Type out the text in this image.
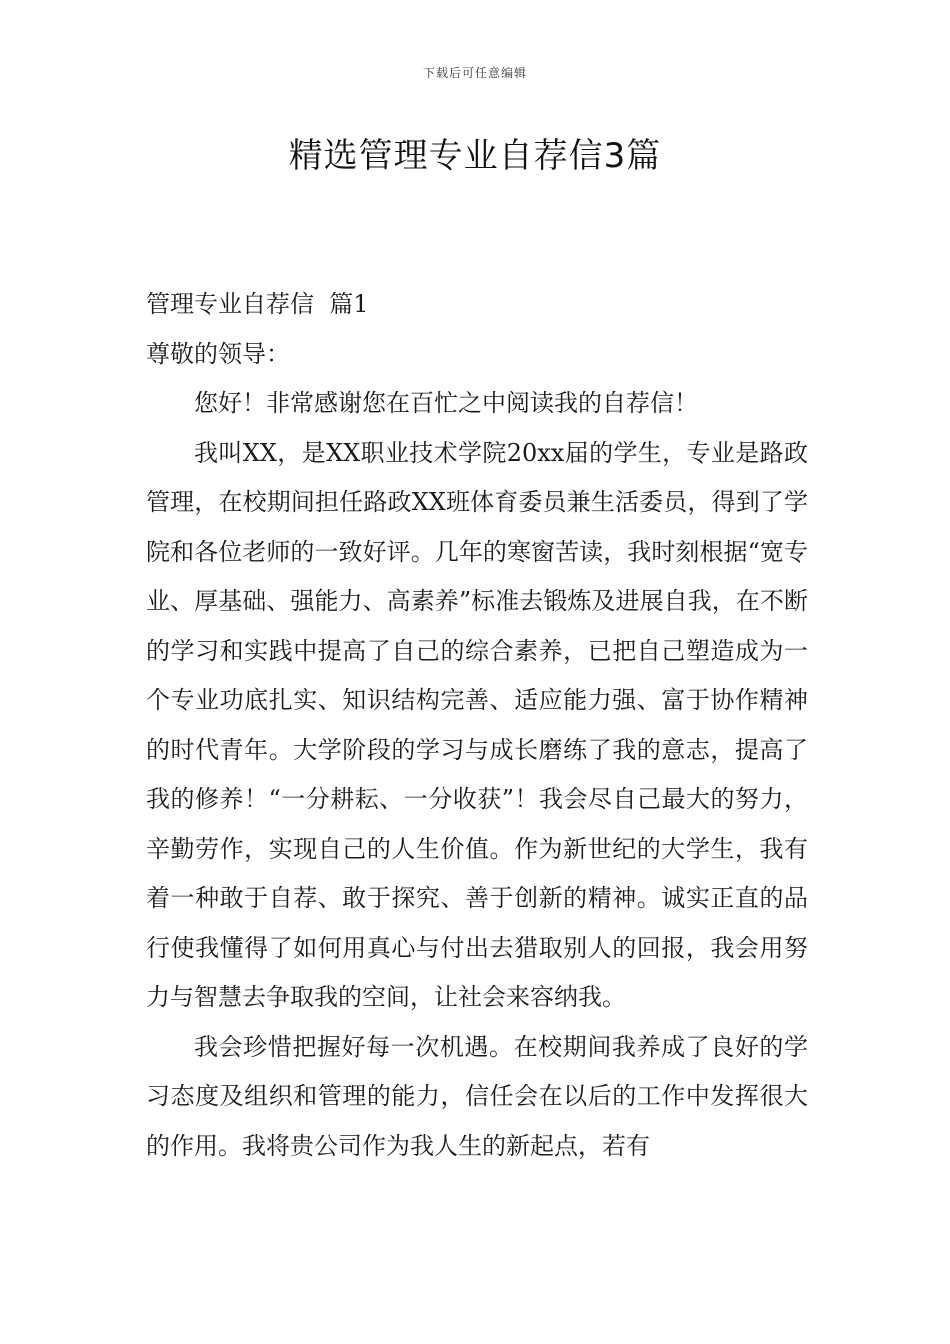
下载后可任意编辑
精选管理专业自荐信3篇

管理专业自荐信  篇1

尊敬的领导：

您好！非常感谢您在百忙之中阅读我的自荐信！

我叫XX，是XX职业技术学院20xx届的学生，专业是路政管理，在校期间担任路政XX班体育委员兼生活委员，得到了学院和各位老师的一致好评。几年的寒窗苦读，我时刻根据“宽专业、厚基础、强能力、高素养”标准去锻炼及进展自我，在不断的学习和实践中提高了自己的综合素养，已把自己塑造成为一个专业功底扎实、知识结构完善、适应能力强、富于协作精神的时代青年。大学阶段的学习与成长磨练了我的意志，提高了我的修养！“一分耕耘、一分收获”！我会尽自己最大的努力，辛勤劳作，实现自己的人生价值。作为新世纪的大学生，我有着一种敢于自荐、敢于探究、善于创新的精神。诚实正直的品行使我懂得了如何用真心与付出去猎取别人的回报，我会用努力与智慧去争取我的空间，让社会来容纳我。

我会珍惜把握好每一次机遇。在校期间我养成了良好的学习态度及组织和管理的能力，信任会在以后的工作中发挥很大的作用。我将贵公司作为我人生的新起点，若有
